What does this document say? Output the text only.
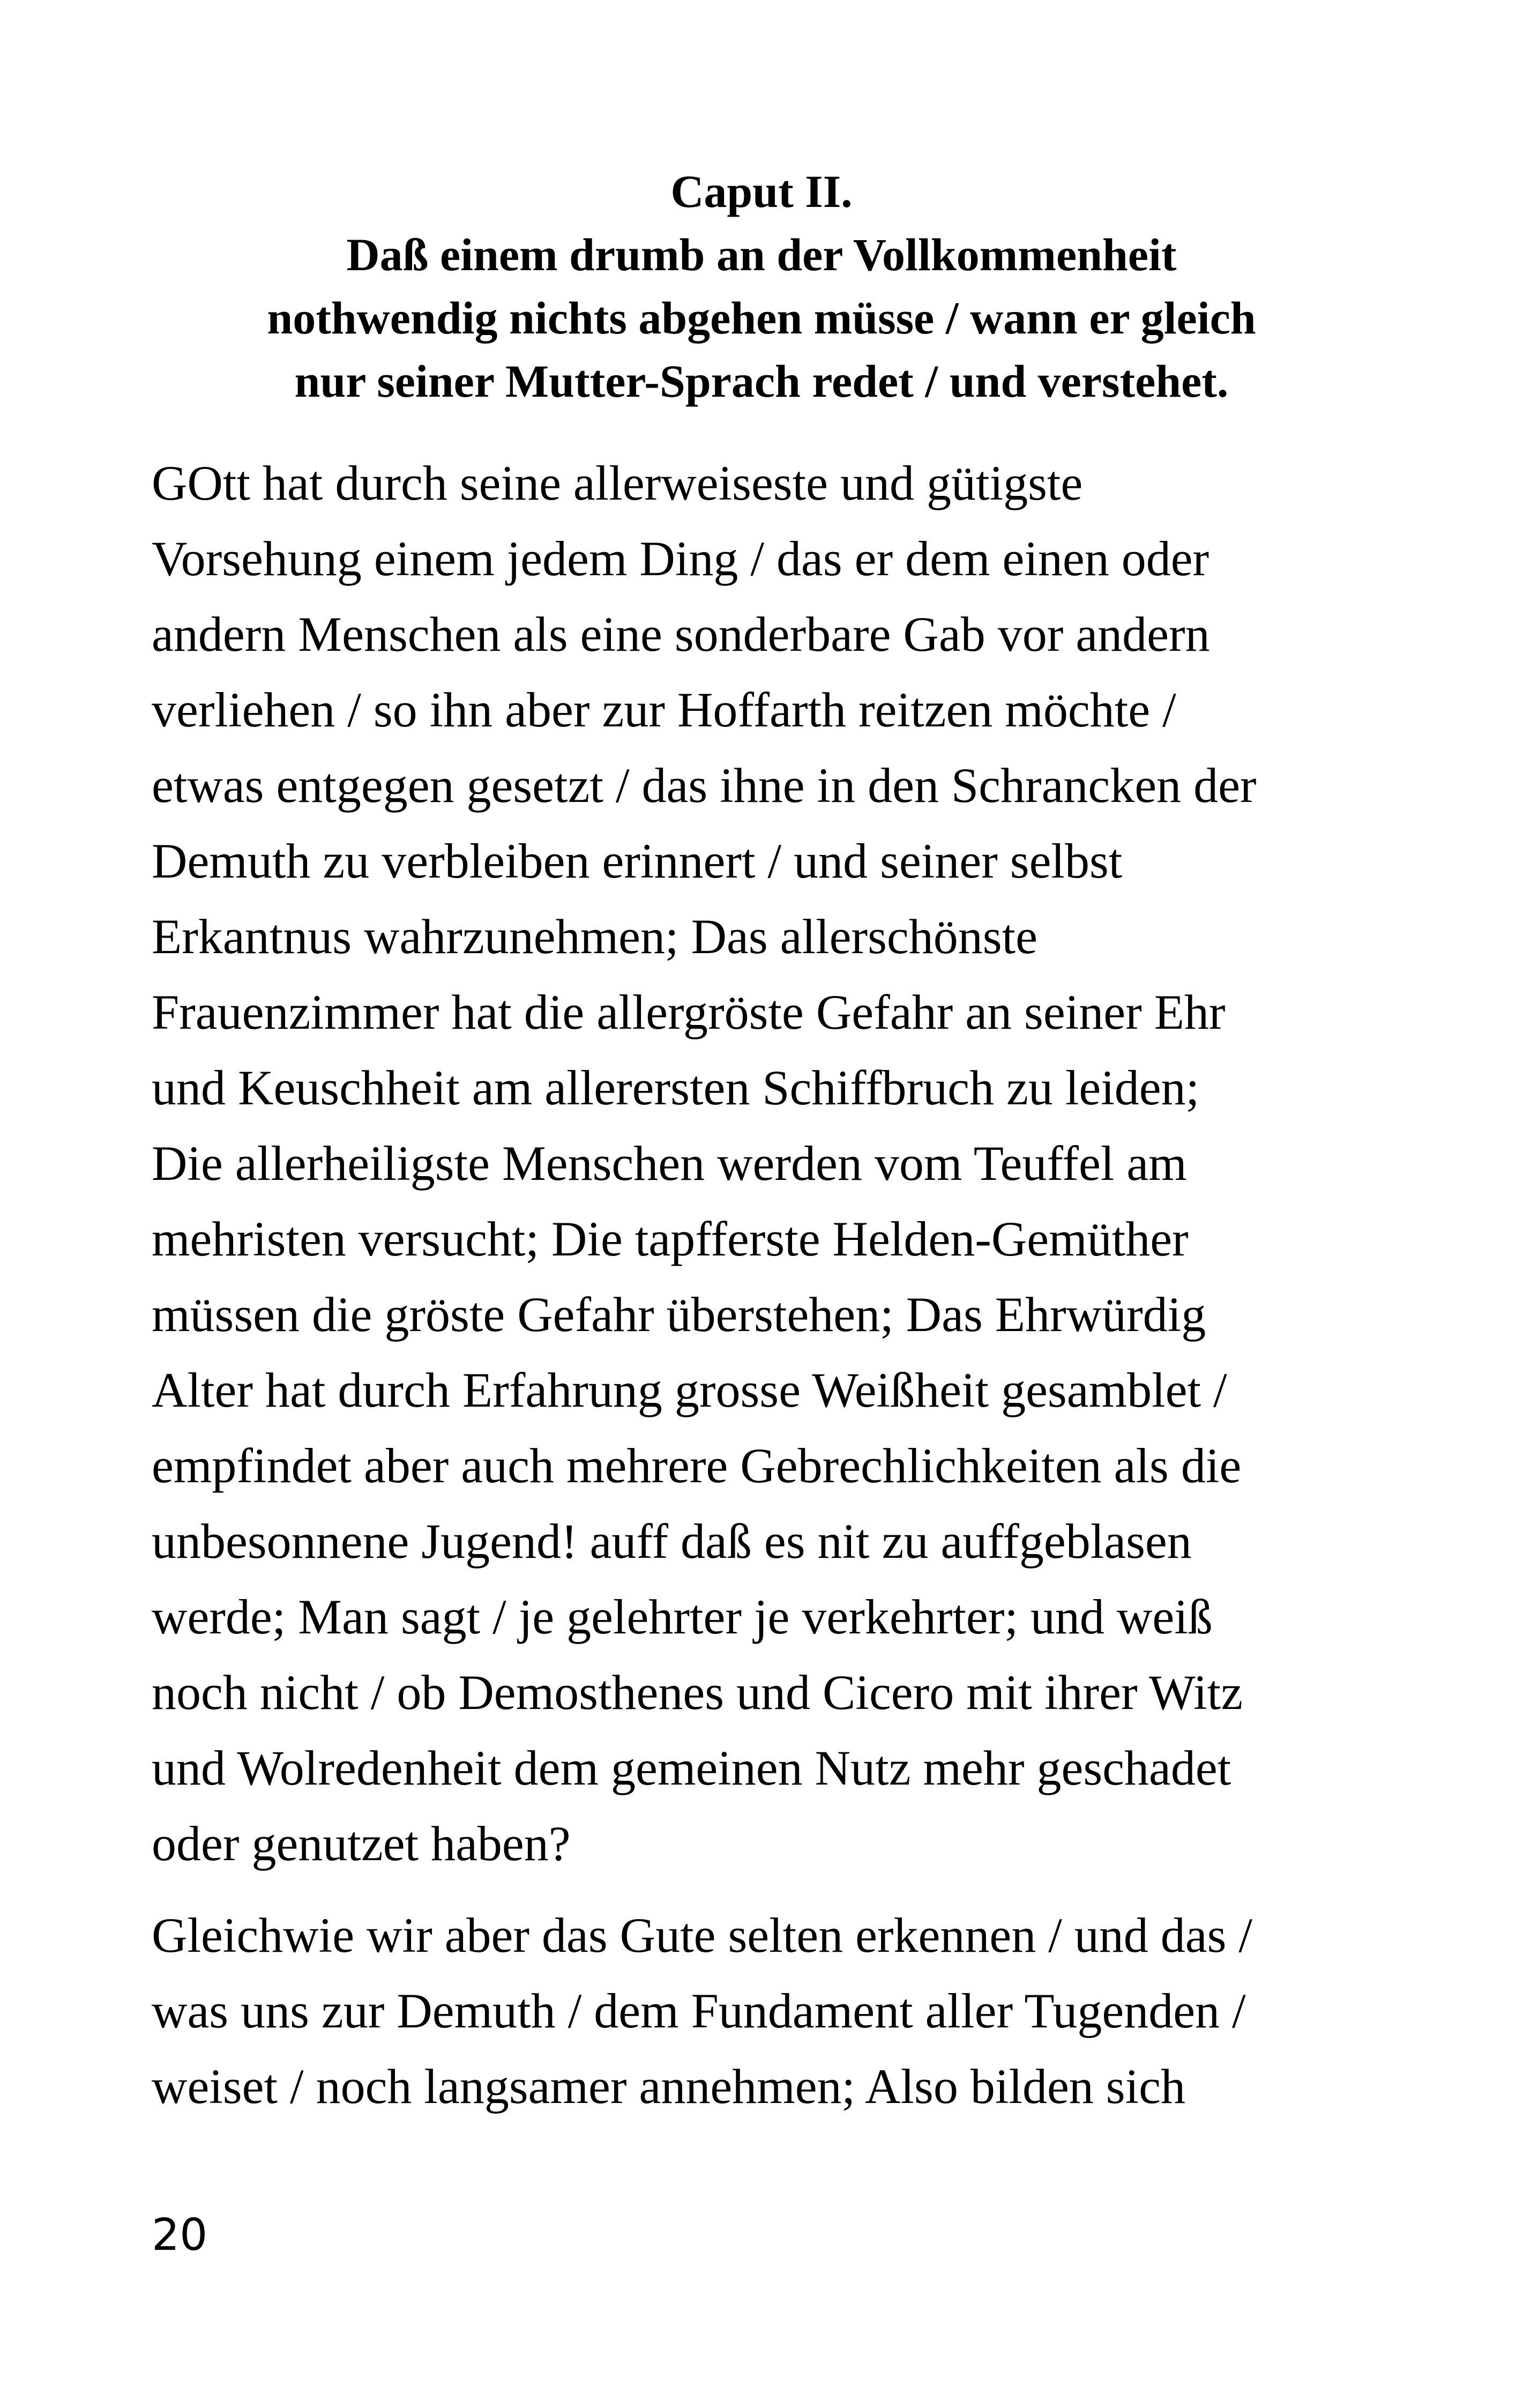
Caput II.
Daß einem drumb an der Vollkommenheit
nothwendig nichts abgehen müsse / wann er gleich
nur seiner Mutter-Sprach redet / und verstehet.
GOtt hat durch seine allerweiseste und gütigste
Vorsehung einem jedem Ding / das er dem einen oder
andern Menschen als eine sonderbare Gab vor andern
verliehen / so ihn aber zur Hoffarth reitzen möchte /
etwas entgegen gesetzt / das ihne in den Schrancken der
Demuth zu verbleiben erinnert / und seiner selbst
Erkantnus wahrzunehmen; Das allerschönste
Frauenzimmer hat die allergröste Gefahr an seiner Ehr
und Keuschheit am allerersten Schiffbruch zu leiden;
Die allerheiligste Menschen werden vom Teuffel am
mehristen versucht; Die tapfferste Helden-Gemüther
müssen die gröste Gefahr überstehen; Das Ehrwürdig
Alter hat durch Erfahrung grosse Weißheit gesamblet /
empfindet aber auch mehrere Gebrechlichkeiten als die
unbesonnene Jugend! auff daß es nit zu auffgeblasen
werde; Man sagt / je gelehrter je verkehrter; und weiß
noch nicht / ob Demosthenes und Cicero mit ihrer Witz
und Wolredenheit dem gemeinen Nutz mehr geschadet
oder genutzet haben?
Gleichwie wir aber das Gute selten erkennen / und das /
was uns zur Demuth / dem Fundament aller Tugenden /
weiset / noch langsamer annehmen; Also bilden sich
20
